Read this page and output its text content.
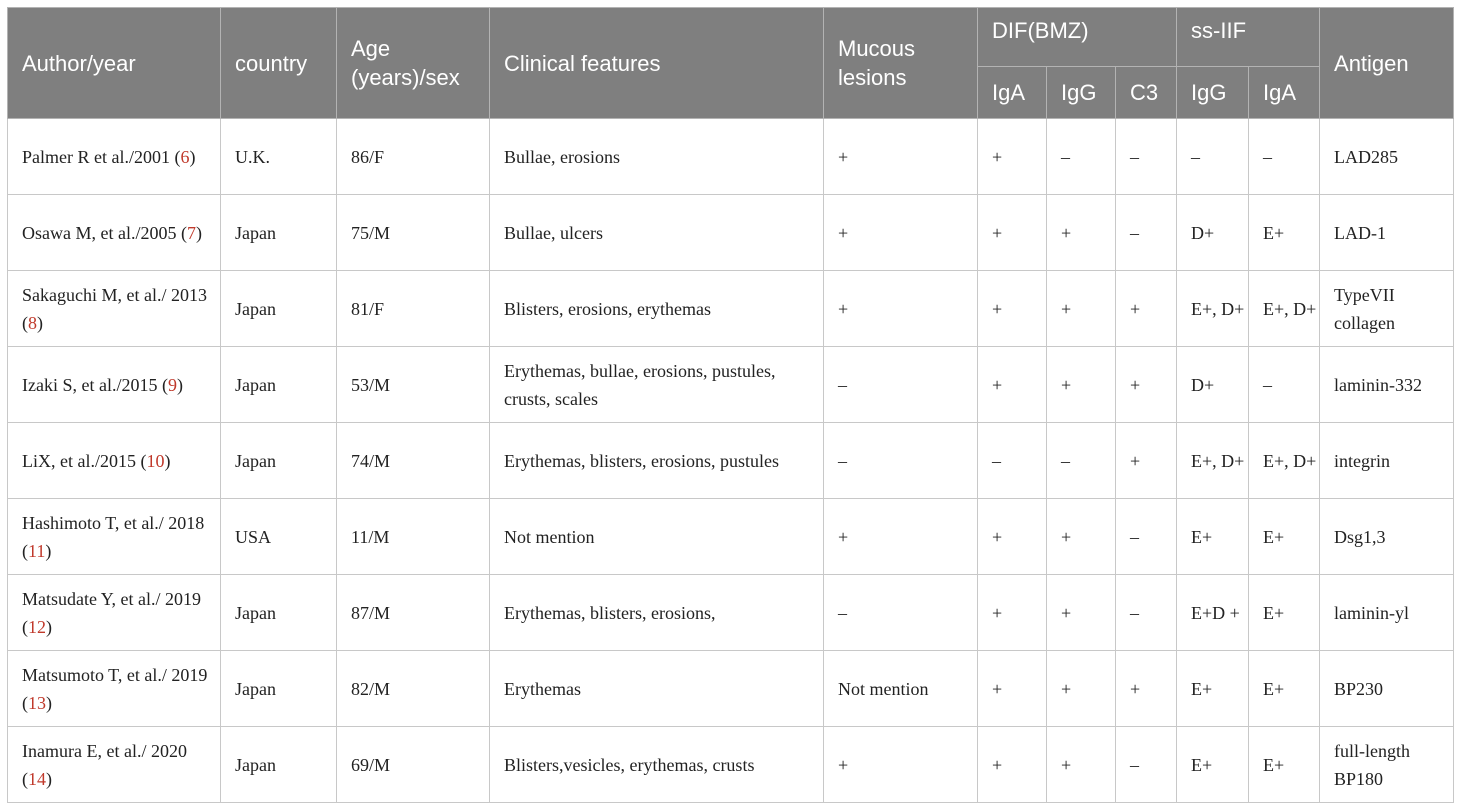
Author/year	country	Age (years)/sex	Clinical features	Mucous lesions	DIF(BMZ)			ss-IIF		Antigen
					IgA	IgG	C3	IgG	IgA	
Palmer R et al./2001 (6)	U.K.	86/F	Bullae, erosions	+	+	–	–	–	–	LAD285
Osawa M, et al./2005 (7)	Japan	75/M	Bullae, ulcers	+	+	+	–	D+	E+	LAD-1
Sakaguchi M, et al./ 2013 (8)	Japan	81/F	Blisters, erosions, erythemas	+	+	+	+	E+, D+	E+, D+	TypeVII collagen
Izaki S, et al./2015 (9)	Japan	53/M	Erythemas, bullae, erosions, pustules, crusts, scales	–	+	+	+	D+	–	laminin-332
LiX, et al./2015 (10)	Japan	74/M	Erythemas, blisters, erosions, pustules	–	–	–	+	E+, D+	E+, D+	integrin
Hashimoto T, et al./ 2018 (11)	USA	11/M	Not mention	+	+	+	–	E+	E+	Dsg1,3
Matsudate Y, et al./ 2019 (12)	Japan	87/M	Erythemas, blisters, erosions,	–	+	+	–	E+D +	E+	laminin-yl
Matsumoto T, et al./ 2019 (13)	Japan	82/M	Erythemas	Not mention	+	+	+	E+	E+	BP230
Inamura E, et al./ 2020 (14)	Japan	69/M	Blisters,vesicles, erythemas, crusts	+	+	+	–	E+	E+	full-length BP180
